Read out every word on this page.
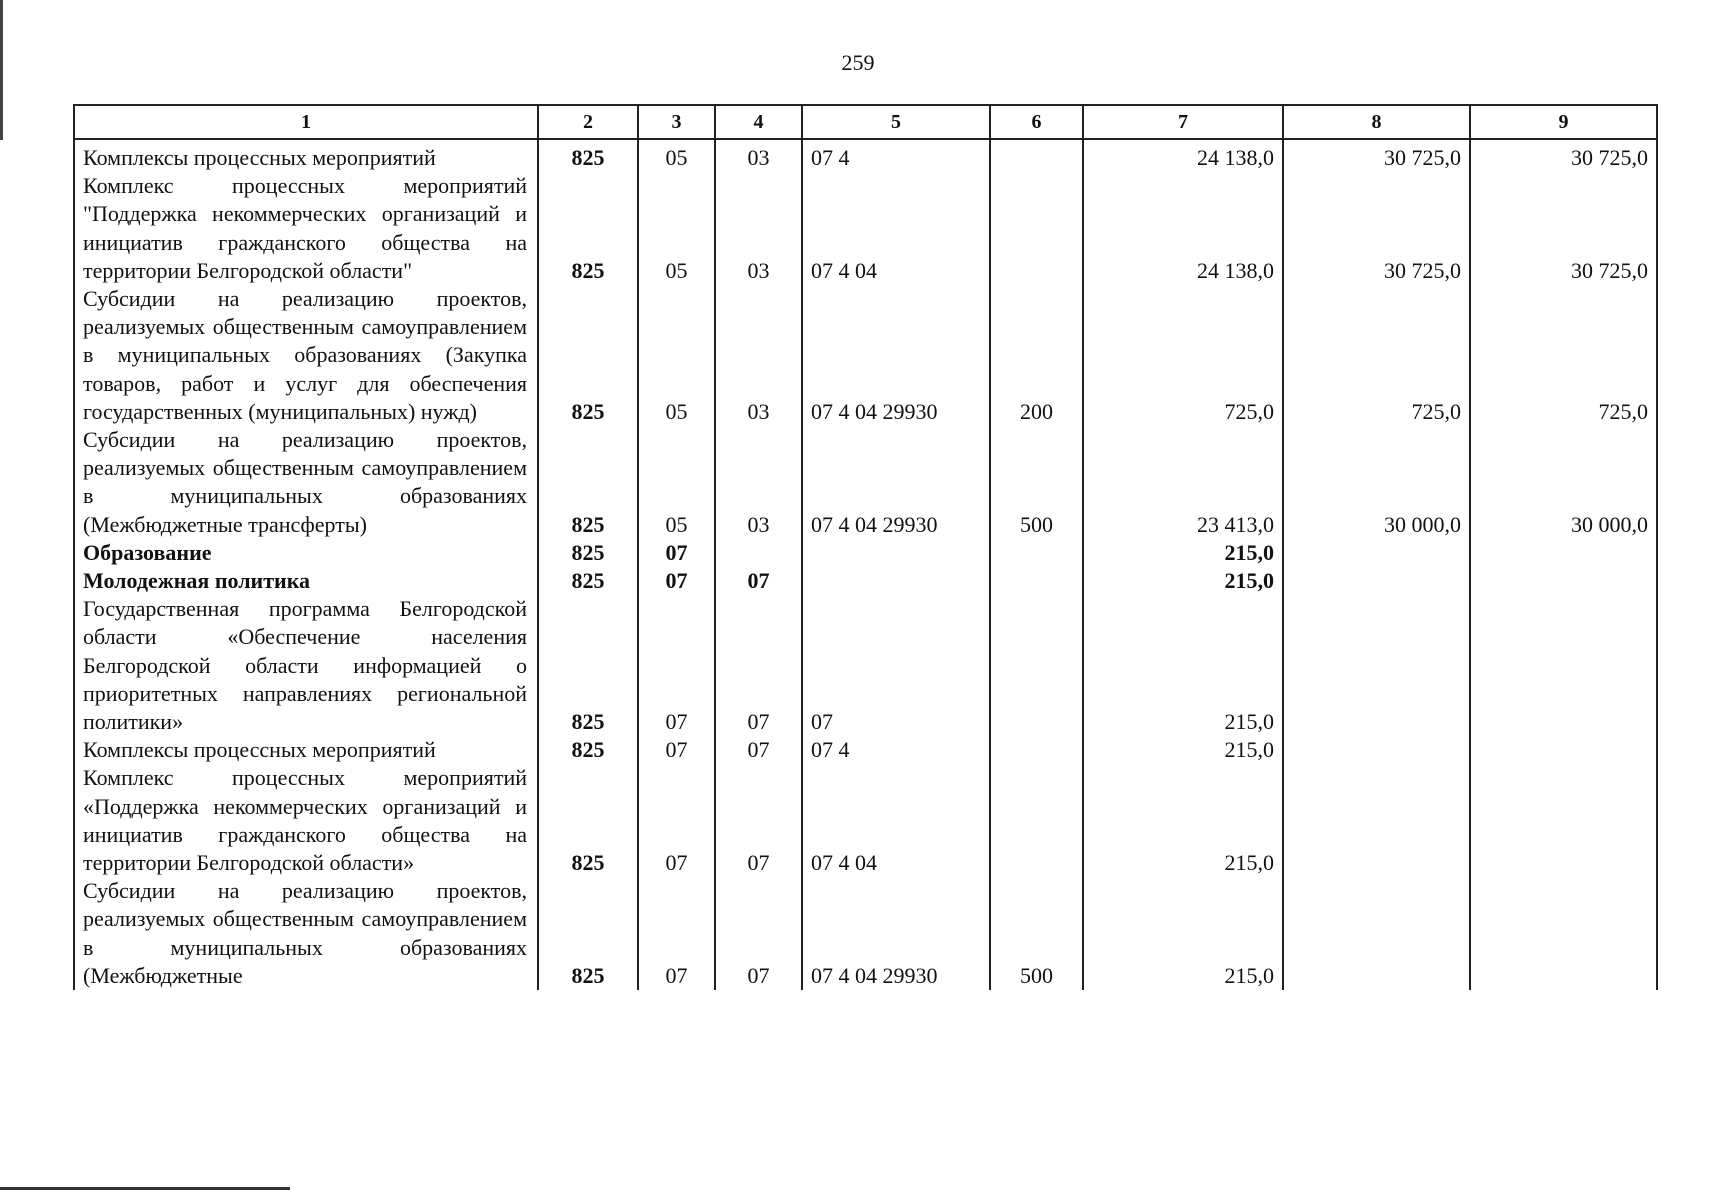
259
1	2	3	4	5	6	7	8	9
Комплексы процессных мероприятий	825	05	03	07 4		24 138,0	30 725,0	30 725,0
Комплекс процессных мероприятий "Поддержка некоммерческих организаций и инициатив гражданского общества на территории Белгородской области"	825	05	03	07 4 04		24 138,0	30 725,0	30 725,0
Субсидии на реализацию проектов, реализуемых общественным самоуправлением в муниципальных образованиях (Закупка товаров, работ и услуг для обеспечения государственных (муниципальных) нужд)	825	05	03	07 4 04 29930	200	725,0	725,0	725,0
Субсидии на реализацию проектов, реализуемых общественным самоуправлением в муниципальных образованиях (Межбюджетные трансферты)	825	05	03	07 4 04 29930	500	23 413,0	30 000,0	30 000,0
Образование	825	07				215,0		
Молодежная политика	825	07	07			215,0		
Государственная программа Белгородской области «Обеспечение населения Белгородской области информацией о приоритетных направлениях региональной политики»	825	07	07	07		215,0		
Комплексы процессных мероприятий	825	07	07	07 4		215,0		
Комплекс процессных мероприятий «Поддержка некоммерческих организаций и инициатив гражданского общества на территории Белгородской области»	825	07	07	07 4 04		215,0		
Субсидии на реализацию проектов, реализуемых общественным самоуправлением в муниципальных образованиях (Межбюджетные	825	07	07	07 4 04 29930	500	215,0		
